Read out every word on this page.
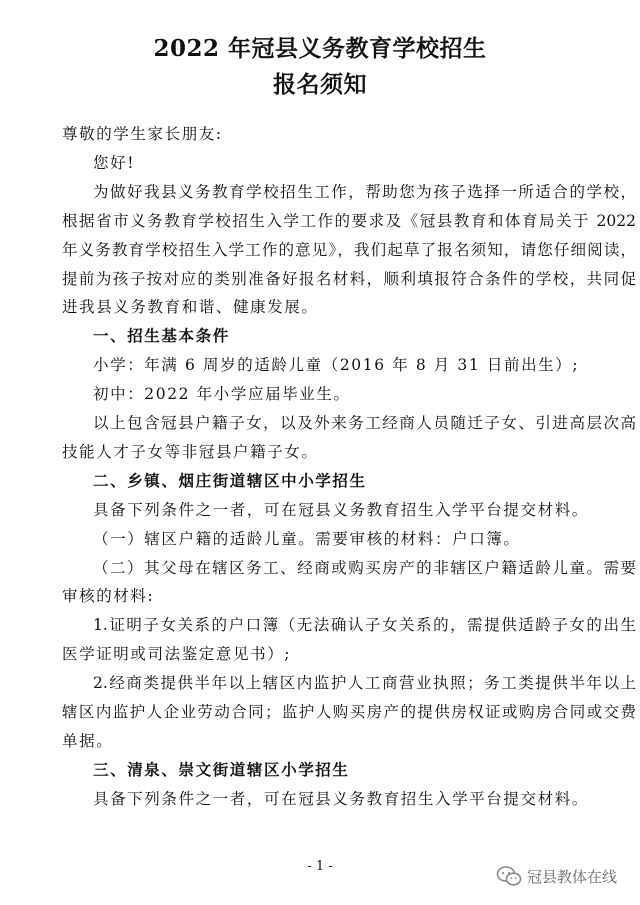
2022 年冠县义务教育学校招生
报名须知
尊敬的学生家长朋友:
您好!
为做好我县义务教育学校招生工作，帮助您为孩子选择一所适合的学校，
根据省市义务教育学校招生入学工作的要求及《冠县教育和体育局关于 2022
年义务教育学校招生入学工作的意见》，我们起草了报名须知，请您仔细阅读，
提前为孩子按对应的类别准备好报名材料，顺利填报符合条件的学校，共同促
进我县义务教育和谐、健康发展。
一、招生基本条件
小学：年满 6 周岁的适龄儿童（2016 年 8 月 31 日前出生）;
初中：2022 年小学应届毕业生。
以上包含冠县户籍子女，以及外来务工经商人员随迁子女、引进高层次高
技能人才子女等非冠县户籍子女。
二、乡镇、烟庄街道辖区中小学招生
具备下列条件之一者，可在冠县义务教育招生入学平台提交材料。
（一）辖区户籍的适龄儿童。需要审核的材料：户口簿。
（二）其父母在辖区务工、经商或购买房产的非辖区户籍适龄儿童。需要
审核的材料:
1.证明子女关系的户口簿（无法确认子女关系的，需提供适龄子女的出生
医学证明或司法鉴定意见书）;
2.经商类提供半年以上辖区内监护人工商营业执照；务工类提供半年以上
辖区内监护人企业劳动合同；监护人购买房产的提供房权证或购房合同或交费
单据。
三、清泉、崇文街道辖区小学招生
具备下列条件之一者，可在冠县义务教育招生入学平台提交材料。
- 1 -
冠县教体在线
